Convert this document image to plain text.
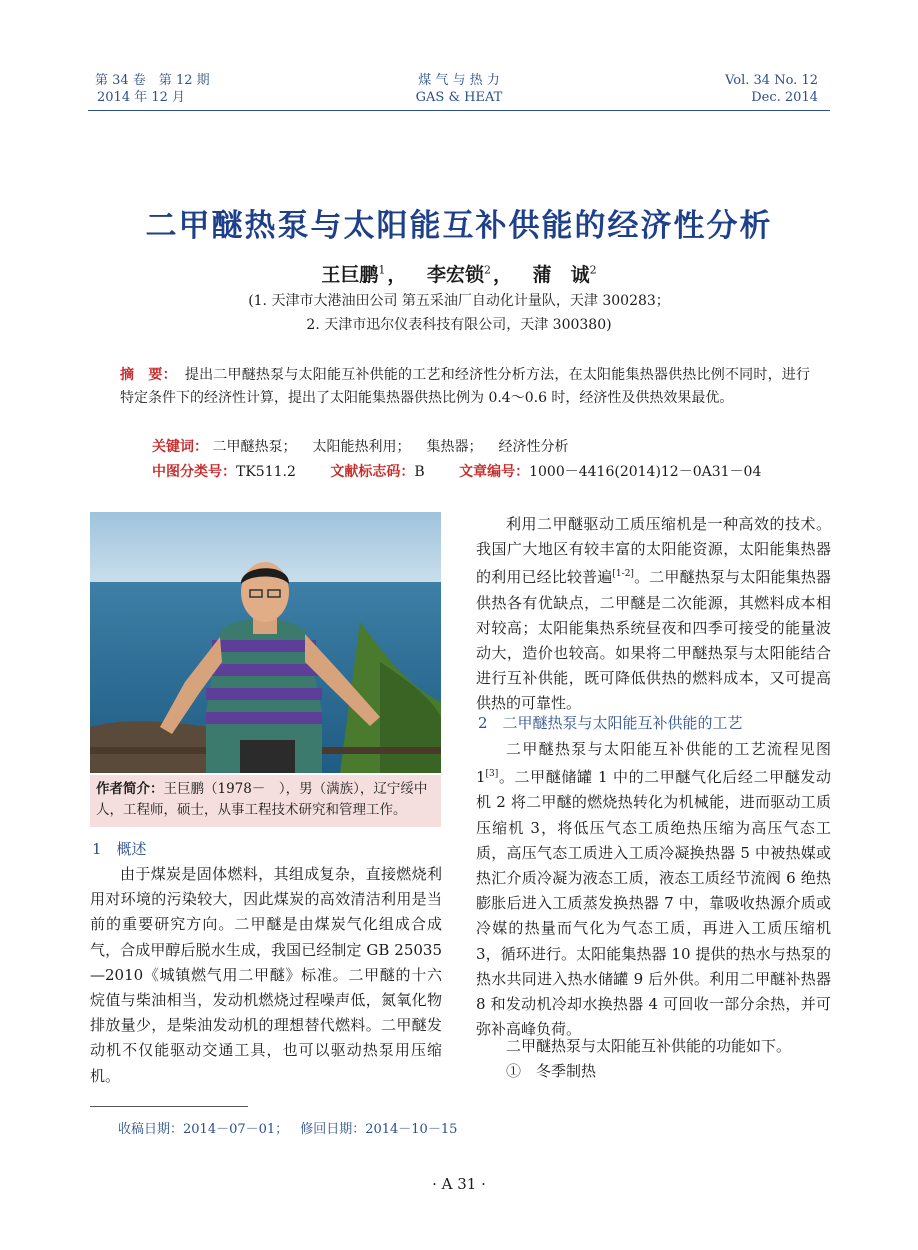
第 34 卷　第 12 期
2014 年 12 月
煤 气 与 热 力
GAS & HEAT
Vol. 34 No. 12
Dec. 2014
二甲醚热泵与太阳能互补供能的经济性分析
王巨鹏$^1$ ， 李宏锁$^2$ ， 蒲　诚$^2$
(1. 天津市大港油田公司 第五采油厂自动化计量队，天津 300283；
2. 天津市迅尔仪表科技有限公司，天津 300380)
摘　要： 提出二甲醚热泵与太阳能互补供能的工艺和经济性分析方法，在太阳能集热器供热比例不同时，进行特定条件下的经济性计算，提出了太阳能集热器供热比例为 0.4～0.6 时，经济性及供热效果最优。
关键词： 二甲醚热泵； 太阳能热利用； 集热器； 经济性分析
中图分类号：TK511.2 文献标志码：B 文章编号：1000－4416(2014)12－0A31－04
作者简介：王巨鹏（1978－　），男（满族），辽宁绥中人，工程师，硕士，从事工程技术研究和管理工作。
1　概述

由于煤炭是固体燃料，其组成复杂，直接燃烧利用对环境的污染较大，因此煤炭的高效清洁利用是当前的重要研究方向。二甲醚是由煤炭气化组成合成气，合成甲醇后脱水生成，我国已经制定 GB 25035—2010《城镇燃气用二甲醚》标准。二甲醚的十六烷值与柴油相当，发动机燃烧过程噪声低，氮氧化物排放量少，是柴油发动机的理想替代燃料。二甲醚发动机不仅能驱动交通工具，也可以驱动热泵用压缩机。

利用二甲醚驱动工质压缩机是一种高效的技术。我国广大地区有较丰富的太阳能资源，太阳能集热器的利用已经比较普遍[1-2]。二甲醚热泵与太阳能集热器供热各有优缺点，二甲醚是二次能源，其燃料成本相对较高；太阳能集热系统昼夜和四季可接受的能量波动大，造价也较高。如果将二甲醚热泵与太阳能结合进行互补供能，既可降低供热的燃料成本，又可提高供热的可靠性。

2　二甲醚热泵与太阳能互补供能的工艺

二甲醚热泵与太阳能互补供能的工艺流程见图 1[3]。二甲醚储罐 1 中的二甲醚气化后经二甲醚发动机 2 将二甲醚的燃烧热转化为机械能，进而驱动工质压缩机 3，将低压气态工质绝热压缩为高压气态工质，高压气态工质进入工质冷凝换热器 5 中被热媒或热汇介质冷凝为液态工质，液态工质经节流阀 6 绝热膨胀后进入工质蒸发换热器 7 中，靠吸收热源介质或冷媒的热量而气化为气态工质，再进入工质压缩机 3，循环进行。太阳能集热器 10 提供的热水与热泵的热水共同进入热水储罐 9 后外供。利用二甲醚补热器 8 和发动机冷却水换热器 4 可回收一部分余热，并可弥补高峰负荷。

二甲醚热泵与太阳能互补供能的功能如下。

①　冬季制热

收稿日期：2014－07－01； 修回日期：2014－10－15
· A 31 ·
